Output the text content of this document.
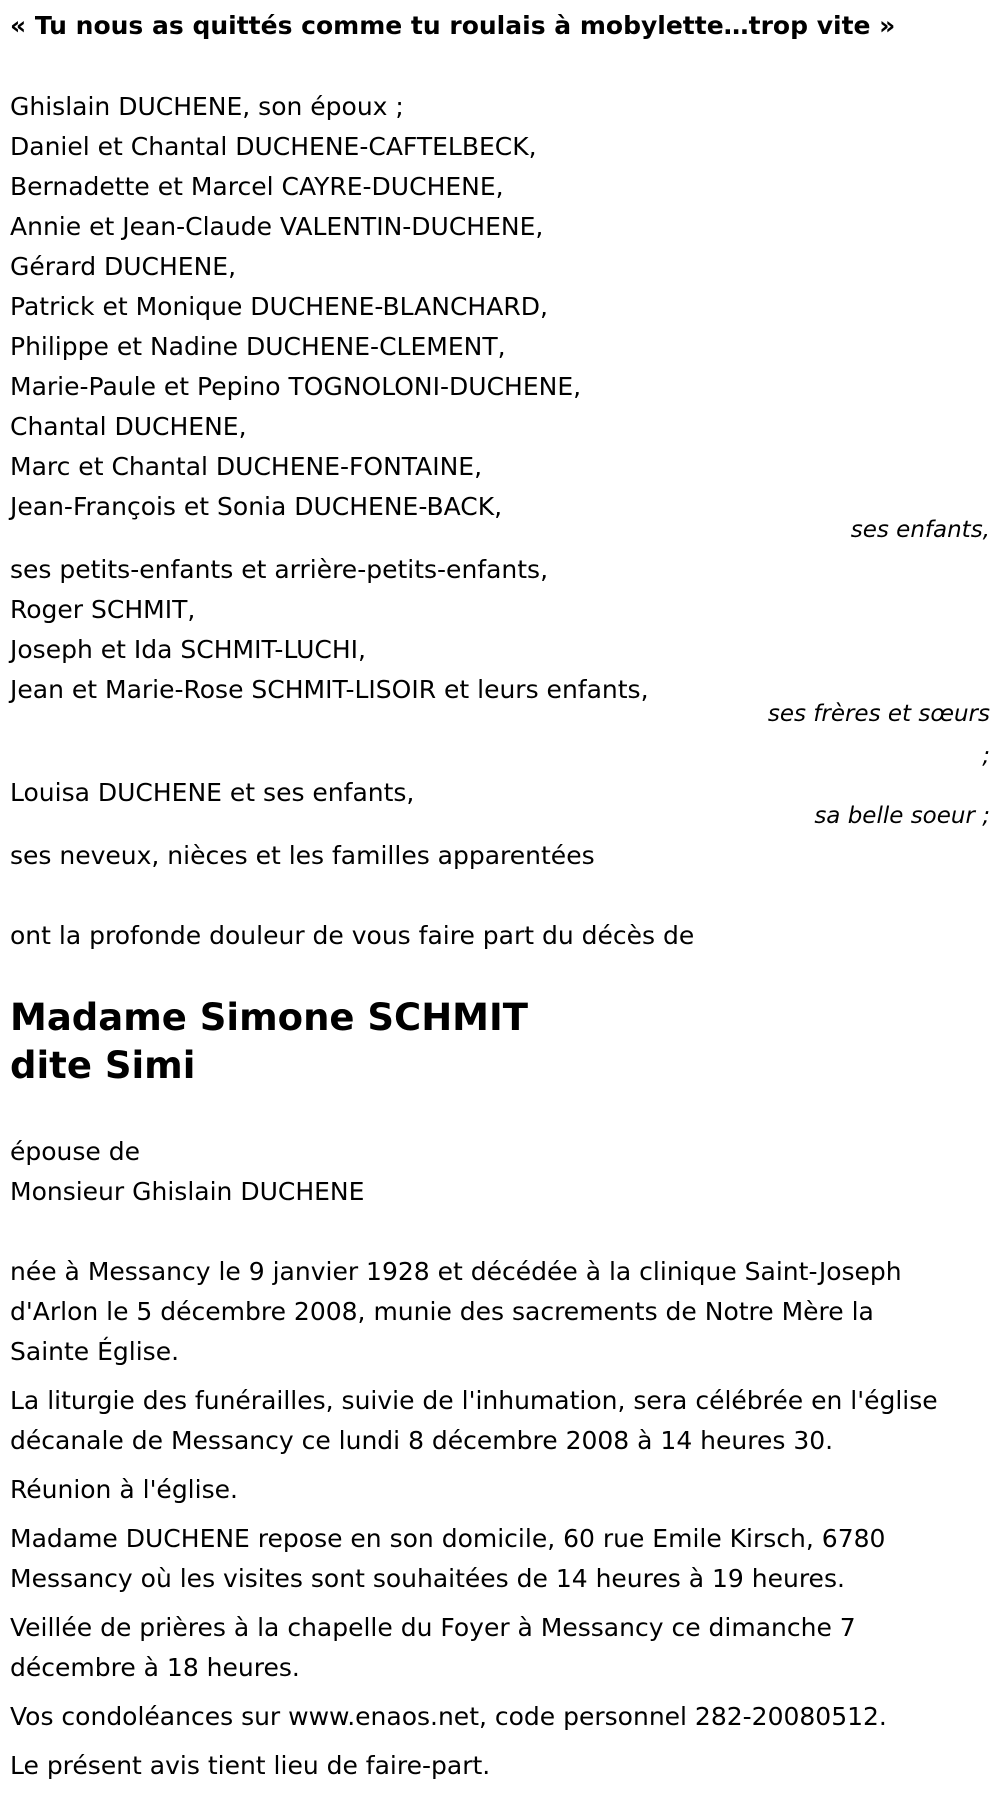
« Tu nous as quittés comme tu roulais à mobylette…trop vite »
Ghislain DUCHENE, son époux ;
Daniel et Chantal DUCHENE-CAFTELBECK,
Bernadette et Marcel CAYRE-DUCHENE,
Annie et Jean-Claude VALENTIN-DUCHENE,
Gérard DUCHENE,
Patrick et Monique DUCHENE-BLANCHARD,
Philippe et Nadine DUCHENE-CLEMENT,
Marie-Paule et Pepino TOGNOLONI-DUCHENE,
Chantal DUCHENE,
Marc et Chantal DUCHENE-FONTAINE,
Jean-François et Sonia DUCHENE-BACK,
ses enfants,
ses petits-enfants et arrière-petits-enfants,
Roger SCHMIT,
Joseph et Ida SCHMIT-LUCHI,
Jean et Marie-Rose SCHMIT-LISOIR et leurs enfants,
ses frères et sœurs
;
Louisa DUCHENE et ses enfants,
sa belle soeur ;
ses neveux, nièces et les familles apparentées
ont la profonde douleur de vous faire part du décès de
Madame Simone SCHMIT
dite Simi
épouse de
Monsieur Ghislain DUCHENE
née à Messancy le 9 janvier 1928 et décédée à la clinique Saint-Joseph
d'Arlon le 5 décembre 2008, munie des sacrements de Notre Mère la
Sainte Église.
La liturgie des funérailles, suivie de l'inhumation, sera célébrée en l'église
décanale de Messancy ce lundi 8 décembre 2008 à 14 heures 30.
Réunion à l'église.
Madame DUCHENE repose en son domicile, 60 rue Emile Kirsch, 6780
Messancy où les visites sont souhaitées de 14 heures à 19 heures.
Veillée de prières à la chapelle du Foyer à Messancy ce dimanche 7
décembre à 18 heures.
Vos condoléances sur www.enaos.net, code personnel 282-20080512.
Le présent avis tient lieu de faire-part.
